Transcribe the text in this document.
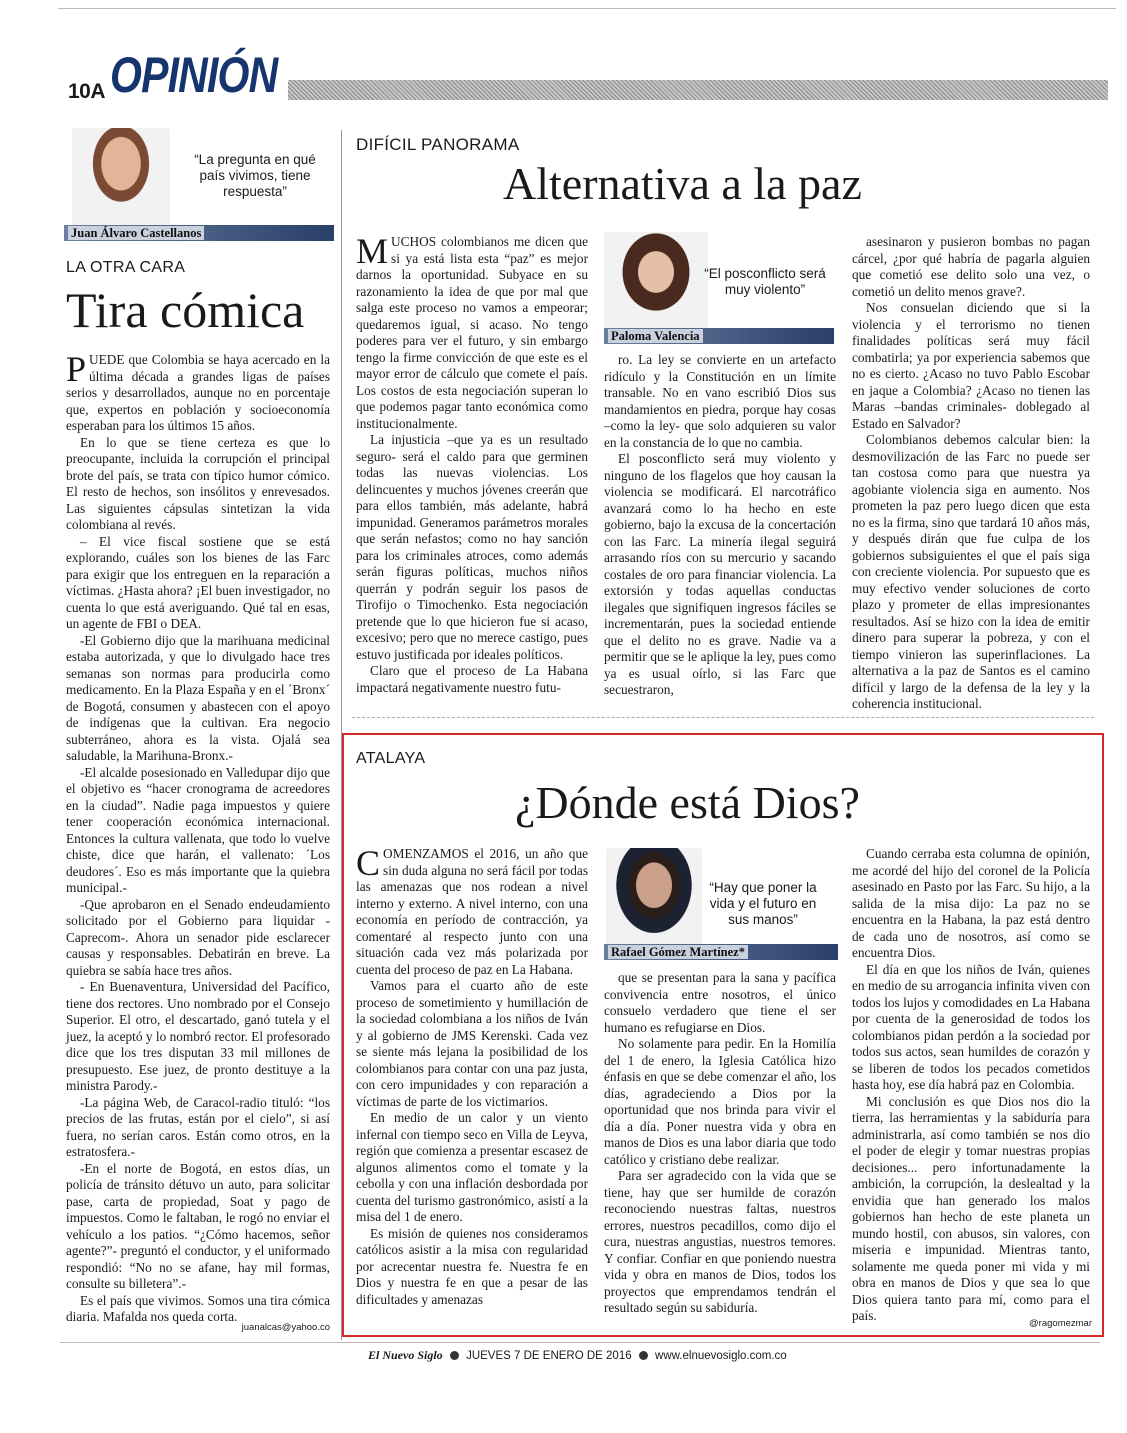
10A OPINIÓN
“La pregunta en qué país vivimos, tiene respuesta”
Juan Álvaro Castellanos
LA OTRA CARA
Tira cómica

PUEDE que Colombia se haya acercado en la última década a grandes ligas de países serios y desarrollados, aunque no en porcentaje que, expertos en población y socioeconomía esperaban para los últimos 15 años.

En lo que se tiene certeza es que lo preocupante, incluida la corrupción el principal brote del país, se trata con típico humor cómico. El resto de hechos, son insólitos y enrevesados. Las siguientes cápsulas sintetizan la vida colombiana al revés.

– El vice fiscal sostiene que se está explorando, cuáles son los bienes de las Farc para exigir que los entreguen en la reparación a víctimas. ¿Hasta ahora? ¡El buen investigador, no cuenta lo que está averiguando. Qué tal en esas, un agente de FBI o DEA.

-El Gobierno dijo que la marihuana medicinal estaba autorizada, y que lo divulgado hace tres semanas son normas para producirla como medicamento. En la Plaza España y en el ´Bronx´ de Bogotá, consumen y abastecen con el apoyo de indígenas que la cultivan. Era negocio subterráneo, ahora es la vista. Ojalá sea saludable, la Marihuna-Bronx.-

-El alcalde posesionado en Valledupar dijo que el objetivo es “hacer cronograma de acreedores en la ciudad”. Nadie paga impuestos y quiere tener cooperación económica internacional. Entonces la cultura vallenata, que todo lo vuelve chiste, dice que harán, el vallenato: ´Los deudores´. Eso es más importante que la quiebra municipal.-

-Que aprobaron en el Senado endeudamiento solicitado por el Gobierno para liquidar -Caprecom-. Ahora un senador pide esclarecer causas y responsables. Debatirán en breve. La quiebra se sabía hace tres años.

- En Buenaventura, Universidad del Pacífico, tiene dos rectores. Uno nombrado por el Consejo Superior. El otro, el descartado, ganó tutela y el juez, la aceptó y lo nombró rector. El profesorado dice que los tres disputan 33 mil millones de presupuesto. Ese juez, de pronto destituye a la ministra Parody.-

-La página Web, de Caracol-radio tituló: “los precios de las frutas, están por el cielo”, si así fuera, no serían caros. Están como otros, en la estratosfera.-

-En el norte de Bogotá, en estos días, un policía de tránsito détuvo un auto, para solicitar pase, carta de propiedad, Soat y pago de impuestos. Como le faltaban, le rogó no enviar el vehículo a los patios. “¿Cómo hacemos, señor agente?”- preguntó el conductor, y el uniformado respondió: “No no se afane, hay mil formas, consulte su billetera”.-

Es el país que vivimos. Somos una tira cómica diaria. Mafalda nos queda corta.

juanalcas@yahoo.co
DIFÍCIL PANORAMA
Alternativa a la paz

MUCHOS colombianos me dicen que si ya está lista esta “paz” es mejor darnos la oportunidad. Subyace en su razonamiento la idea de que por mal que salga este proceso no vamos a empeorar; quedaremos igual, si acaso. No tengo poderes para ver el futuro, y sin embargo tengo la firme convicción de que este es el mayor error de cálculo que comete el país. Los costos de esta negociación superan lo que podemos pagar tanto económica como institucionalmente.

La injusticia –que ya es un resultado seguro- será el caldo para que germinen todas las nuevas violencias. Los delincuentes y muchos jóvenes creerán que para ellos también, más adelante, habrá impunidad. Generamos parámetros morales que serán nefastos; como no hay sanción para los criminales atroces, como además serán figuras políticas, muchos niños querrán y podrán seguir los pasos de Tirofijo o Timochenko. Esta negociación pretende que lo que hicieron fue si acaso, excesivo; pero que no merece castigo, pues estuvo justificada por ideales políticos.

Claro que el proceso de La Habana impactará negativamente nuestro futu-

“El posconflicto será muy violento”
Paloma Valencia

ro. La ley se convierte en un artefacto ridículo y la Constitución en un límite transable. No en vano escribió Dios sus mandamientos en piedra, porque hay cosas –como la ley- que solo adquieren su valor en la constancia de lo que no cambia.

El posconflicto será muy violento y ninguno de los flagelos que hoy causan la violencia se modificará. El narcotráfico avanzará como lo ha hecho en este gobierno, bajo la excusa de la concertación con las Farc. La minería ilegal seguirá arrasando ríos con su mercurio y sacando costales de oro para financiar violencia. La extorsión y todas aquellas conductas ilegales que signifiquen ingresos fáciles se incrementarán, pues la sociedad entiende que el delito no es grave. Nadie va a permitir que se le aplique la ley, pues como ya es usual oírlo, si las Farc que secuestraron,

asesinaron y pusieron bombas no pagan cárcel, ¿por qué habría de pagarla alguien que cometió ese delito solo una vez, o cometió un delito menos grave?.

Nos consuelan diciendo que si la violencia y el terrorismo no tienen finalidades políticas será muy fácil combatirla; ya por experiencia sabemos que no es cierto. ¿Acaso no tuvo Pablo Escobar en jaque a Colombia? ¿Acaso no tienen las Maras –bandas criminales- doblegado al Estado en Salvador?

Colombianos debemos calcular bien: la desmovilización de las Farc no puede ser tan costosa como para que nuestra ya agobiante violencia siga en aumento. Nos prometen la paz pero luego dicen que esta no es la firma, sino que tardará 10 años más, y después dirán que fue culpa de los gobiernos subsiguientes el que el país siga con creciente violencia. Por supuesto que es muy efectivo vender soluciones de corto plazo y prometer de ellas impresionantes resultados. Así se hizo con la idea de emitir dinero para superar la pobreza, y con el tiempo vinieron las superinflaciones. La alternativa a la paz de Santos es el camino difícil y largo de la defensa de la ley y la coherencia institucional.

ATALAYA
¿Dónde está Dios?

COMENZAMOS el 2016, un año que sin duda alguna no será fácil por todas las amenazas que nos rodean a nivel interno y externo. A nivel interno, con una economía en período de contracción, ya comentaré al respecto junto con una situación cada vez más polarizada por cuenta del proceso de paz en La Habana.

Vamos para el cuarto año de este proceso de sometimiento y humillación de la sociedad colombiana a los niños de Iván y al gobierno de JMS Kerenski. Cada vez se siente más lejana la posibilidad de los colombianos para contar con una paz justa, con cero impunidades y con reparación a víctimas de parte de los victimarios.

En medio de un calor y un viento infernal con tiempo seco en Villa de Leyva, región que comienza a presentar escasez de algunos alimentos como el tomate y la cebolla y con una inflación desbordada por cuenta del turismo gastronómico, asistí a la misa del 1 de enero.

Es misión de quienes nos consideramos católicos asistir a la misa con regularidad por acrecentar nuestra fe. Nuestra fe en Dios y nuestra fe en que a pesar de las dificultades y amenazas

“Hay que poner la vida y el futuro en sus manos”
Rafael Gómez Martínez*

que se presentan para la sana y pacífica convivencia entre nosotros, el único consuelo verdadero que tiene el ser humano es refugiarse en Dios.

No solamente para pedir. En la Homilía del 1 de enero, la Iglesia Católica hizo énfasis en que se debe comenzar el año, los días, agradeciendo a Dios por la oportunidad que nos brinda para vivir el día a día. Poner nuestra vida y obra en manos de Dios es una labor diaria que todo católico y cristiano debe realizar.

Para ser agradecido con la vida que se tiene, hay que ser humilde de corazón reconociendo nuestras faltas, nuestros errores, nuestros pecadillos, como dijo el cura, nuestras angustias, nuestros temores. Y confiar. Confiar en que poniendo nuestra vida y obra en manos de Dios, todos los proyectos que emprendamos tendrán el resultado según su sabiduría.

Cuando cerraba esta columna de opinión, me acordé del hijo del coronel de la Policía asesinado en Pasto por las Farc. Su hijo, a la salida de la misa dijo: La paz no se encuentra en la Habana, la paz está dentro de cada uno de nosotros, así como se encuentra Dios.

El día en que los niños de Iván, quienes en medio de su arrogancia infinita viven con todos los lujos y comodidades en La Habana por cuenta de la generosidad de todos los colombianos pidan perdón a la sociedad por todos sus actos, sean humildes de corazón y se liberen de todos los pecados cometidos hasta hoy, ese día habrá paz en Colombia.

Mi conclusión es que Dios nos dio la tierra, las herramientas y la sabiduría para administrarla, así como también se nos dio el poder de elegir y tomar nuestras propias decisiones... pero infortunadamente la ambición, la corrupción, la deslealtad y la envidia que han generado los malos gobiernos han hecho de este planeta un mundo hostil, con abusos, sin valores, con miseria e impunidad. Mientras tanto, solamente me queda poner mi vida y mi obra en manos de Dios y que sea lo que Dios quiera tanto para mí, como para el país.

@ragomezmar
El Nuevo Siglo JUEVES 7 DE ENERO DE 2016 www.elnuevosiglo.com.co
